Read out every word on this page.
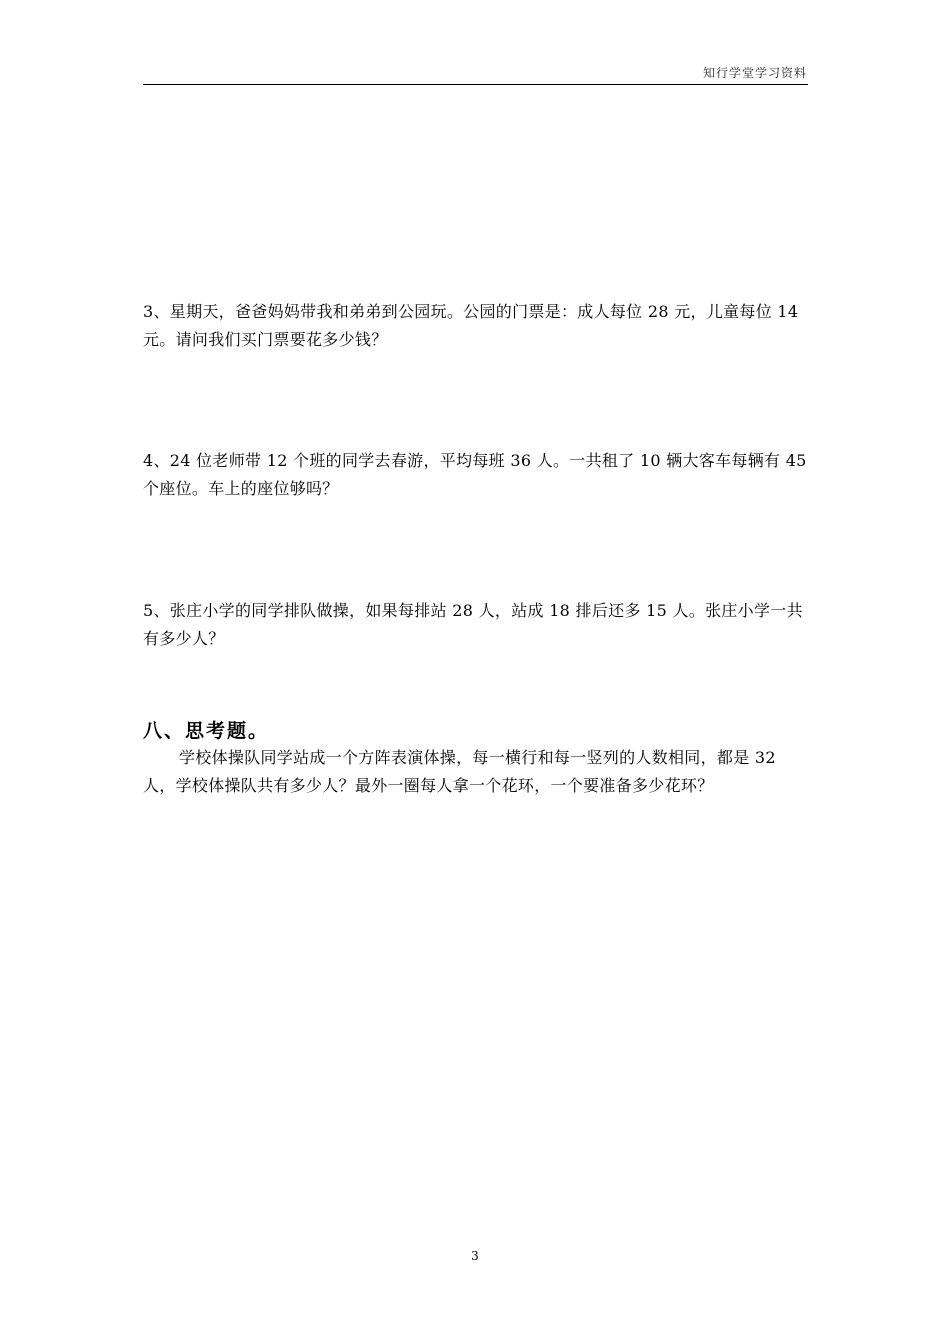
知行学堂学习资料

3、星期天，爸爸妈妈带我和弟弟到公园玩。公园的门票是：成人每位 28 元，儿童每位 14 元。请问我们买门票要花多少钱？

4、24 位老师带 12 个班的同学去春游，平均每班 36 人。一共租了 10 辆大客车每辆有 45 个座位。车上的座位够吗？

5、张庄小学的同学排队做操，如果每排站 28 人，站成 18 排后还多 15 人。张庄小学一共有多少人？

八、思考题。

学校体操队同学站成一个方阵表演体操，每一横行和每一竖列的人数相同，都是 32 人，学校体操队共有多少人？最外一圈每人拿一个花环，一个要准备多少花环？

3
